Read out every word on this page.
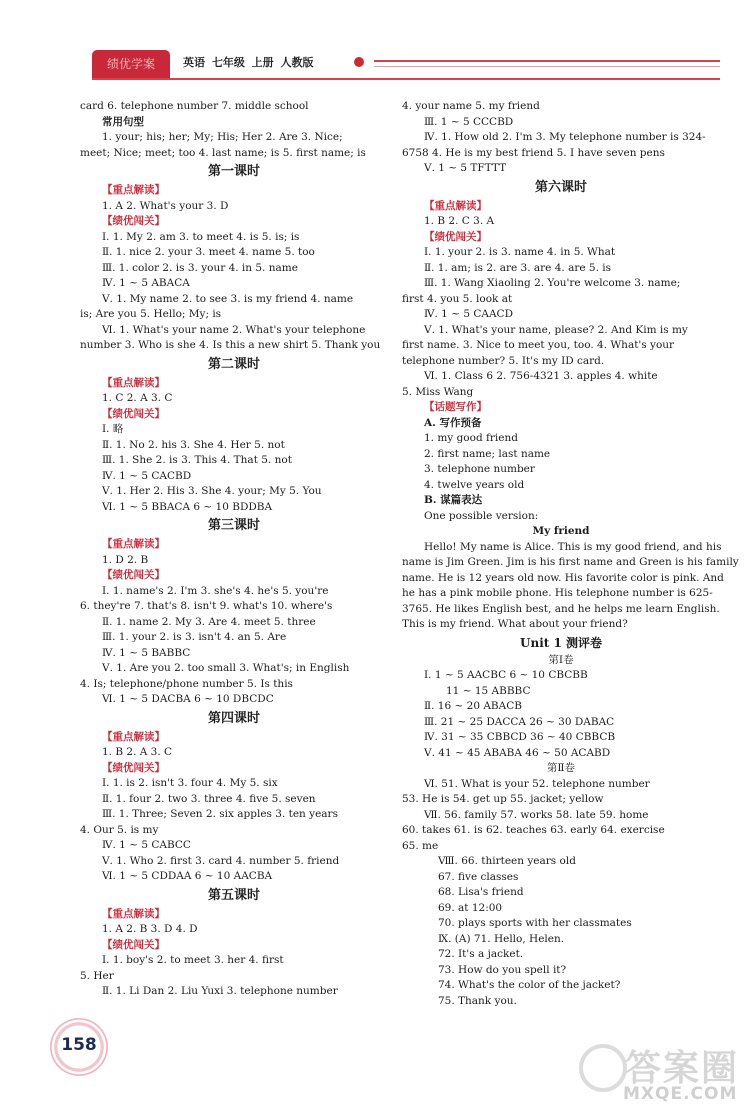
绩优学案	英语 七年级 上册 人教版
card 6. telephone number 7. middle school
常用句型
1. your; his; her; My; His; Her 2. Are 3. Nice;
meet; Nice; meet; too 4. last name; is 5. first name; is
第一课时
【重点解读】
1. A 2. What's your 3. D
【绩优闯关】
Ⅰ. 1. My 2. am 3. to meet 4. is 5. is; is
Ⅱ. 1. nice 2. your 3. meet 4. name 5. too
Ⅲ. 1. color 2. is 3. your 4. in 5. name
Ⅳ. 1 ~ 5 ABACA
Ⅴ. 1. My name 2. to see 3. is my friend 4. name
is; Are you 5. Hello; My; is
Ⅵ. 1. What's your name 2. What's your telephone
number 3. Who is she 4. Is this a new shirt 5. Thank you
第二课时
【重点解读】
1. C 2. A 3. C
【绩优闯关】
Ⅰ. 略
Ⅱ. 1. No 2. his 3. She 4. Her 5. not
Ⅲ. 1. She 2. is 3. This 4. That 5. not
Ⅳ. 1 ~ 5 CACBD
Ⅴ. 1. Her 2. His 3. She 4. your; My 5. You
Ⅵ. 1 ~ 5 BBACA 6 ~ 10 BDDBA
第三课时
【重点解读】
1. D 2. B
【绩优闯关】
Ⅰ. 1. name's 2. I'm 3. she's 4. he's 5. you're
6. they're 7. that's 8. isn't 9. what's 10. where's
Ⅱ. 1. name 2. My 3. Are 4. meet 5. three
Ⅲ. 1. your 2. is 3. isn't 4. an 5. Are
Ⅳ. 1 ~ 5 BABBC
Ⅴ. 1. Are you 2. too small 3. What's; in English
4. Is; telephone/phone number 5. Is this
Ⅵ. 1 ~ 5 DACBA 6 ~ 10 DBCDC
第四课时
【重点解读】
1. B 2. A 3. C
【绩优闯关】
Ⅰ. 1. is 2. isn't 3. four 4. My 5. six
Ⅱ. 1. four 2. two 3. three 4. five 5. seven
Ⅲ. 1. Three; Seven 2. six apples 3. ten years
4. Our 5. is my
Ⅳ. 1 ~ 5 CABCC
Ⅴ. 1. Who 2. first 3. card 4. number 5. friend
Ⅵ. 1 ~ 5 CDDAA 6 ~ 10 AACBA
第五课时
【重点解读】
1. A 2. B 3. D 4. D
【绩优闯关】
Ⅰ. 1. boy's 2. to meet 3. her 4. first
5. Her
Ⅱ. 1. Li Dan 2. Liu Yuxi 3. telephone number
4. your name 5. my friend
Ⅲ. 1 ~ 5 CCCBD
Ⅳ. 1. How old 2. I'm 3. My telephone number is 324-
6758 4. He is my best friend 5. I have seven pens
Ⅴ. 1 ~ 5 TFTTT
第六课时
【重点解读】
1. B 2. C 3. A
【绩优闯关】
Ⅰ. 1. your 2. is 3. name 4. in 5. What
Ⅱ. 1. am; is 2. are 3. are 4. are 5. is
Ⅲ. 1. Wang Xiaoling 2. You're welcome 3. name;
first 4. you 5. look at
Ⅳ. 1 ~ 5 CAACD
Ⅴ. 1. What's your name, please? 2. And Kim is my
first name. 3. Nice to meet you, too. 4. What's your
telephone number? 5. It's my ID card.
Ⅵ. 1. Class 6 2. 756-4321 3. apples 4. white
5. Miss Wang
【话题写作】
A. 写作预备
1. my good friend
2. first name; last name
3. telephone number
4. twelve years old
B. 谋篇表达
One possible version:
My friend
Hello! My name is Alice. This is my good friend, and his
name is Jim Green. Jim is his first name and Green is his family
name. He is 12 years old now. His favorite color is pink. And
he has a pink mobile phone. His telephone number is 625-
3765. He likes English best, and he helps me learn English.
This is my friend. What about your friend?
Unit 1 测评卷
第Ⅰ卷
Ⅰ. 1 ~ 5 AACBC 6 ~ 10 CBCBB
11 ~ 15 ABBBC
Ⅱ. 16 ~ 20 ABACB
Ⅲ. 21 ~ 25 DACCA 26 ~ 30 DABAC
Ⅳ. 31 ~ 35 CBBCD 36 ~ 40 CBBCB
Ⅴ. 41 ~ 45 ABABA 46 ~ 50 ACABD
第Ⅱ卷
Ⅵ. 51. What is your 52. telephone number
53. He is 54. get up 55. jacket; yellow
Ⅶ. 56. family 57. works 58. late 59. home
60. takes 61. is 62. teaches 63. early 64. exercise
65. me
Ⅷ. 66. thirteen years old
67. five classes
68. Lisa's friend
69. at 12:00
70. plays sports with her classmates
Ⅸ. (A) 71. Hello, Helen.
72. It's a jacket.
73. How do you spell it?
74. What's the color of the jacket?
75. Thank you.
158
答案圈
MXQE.COM
